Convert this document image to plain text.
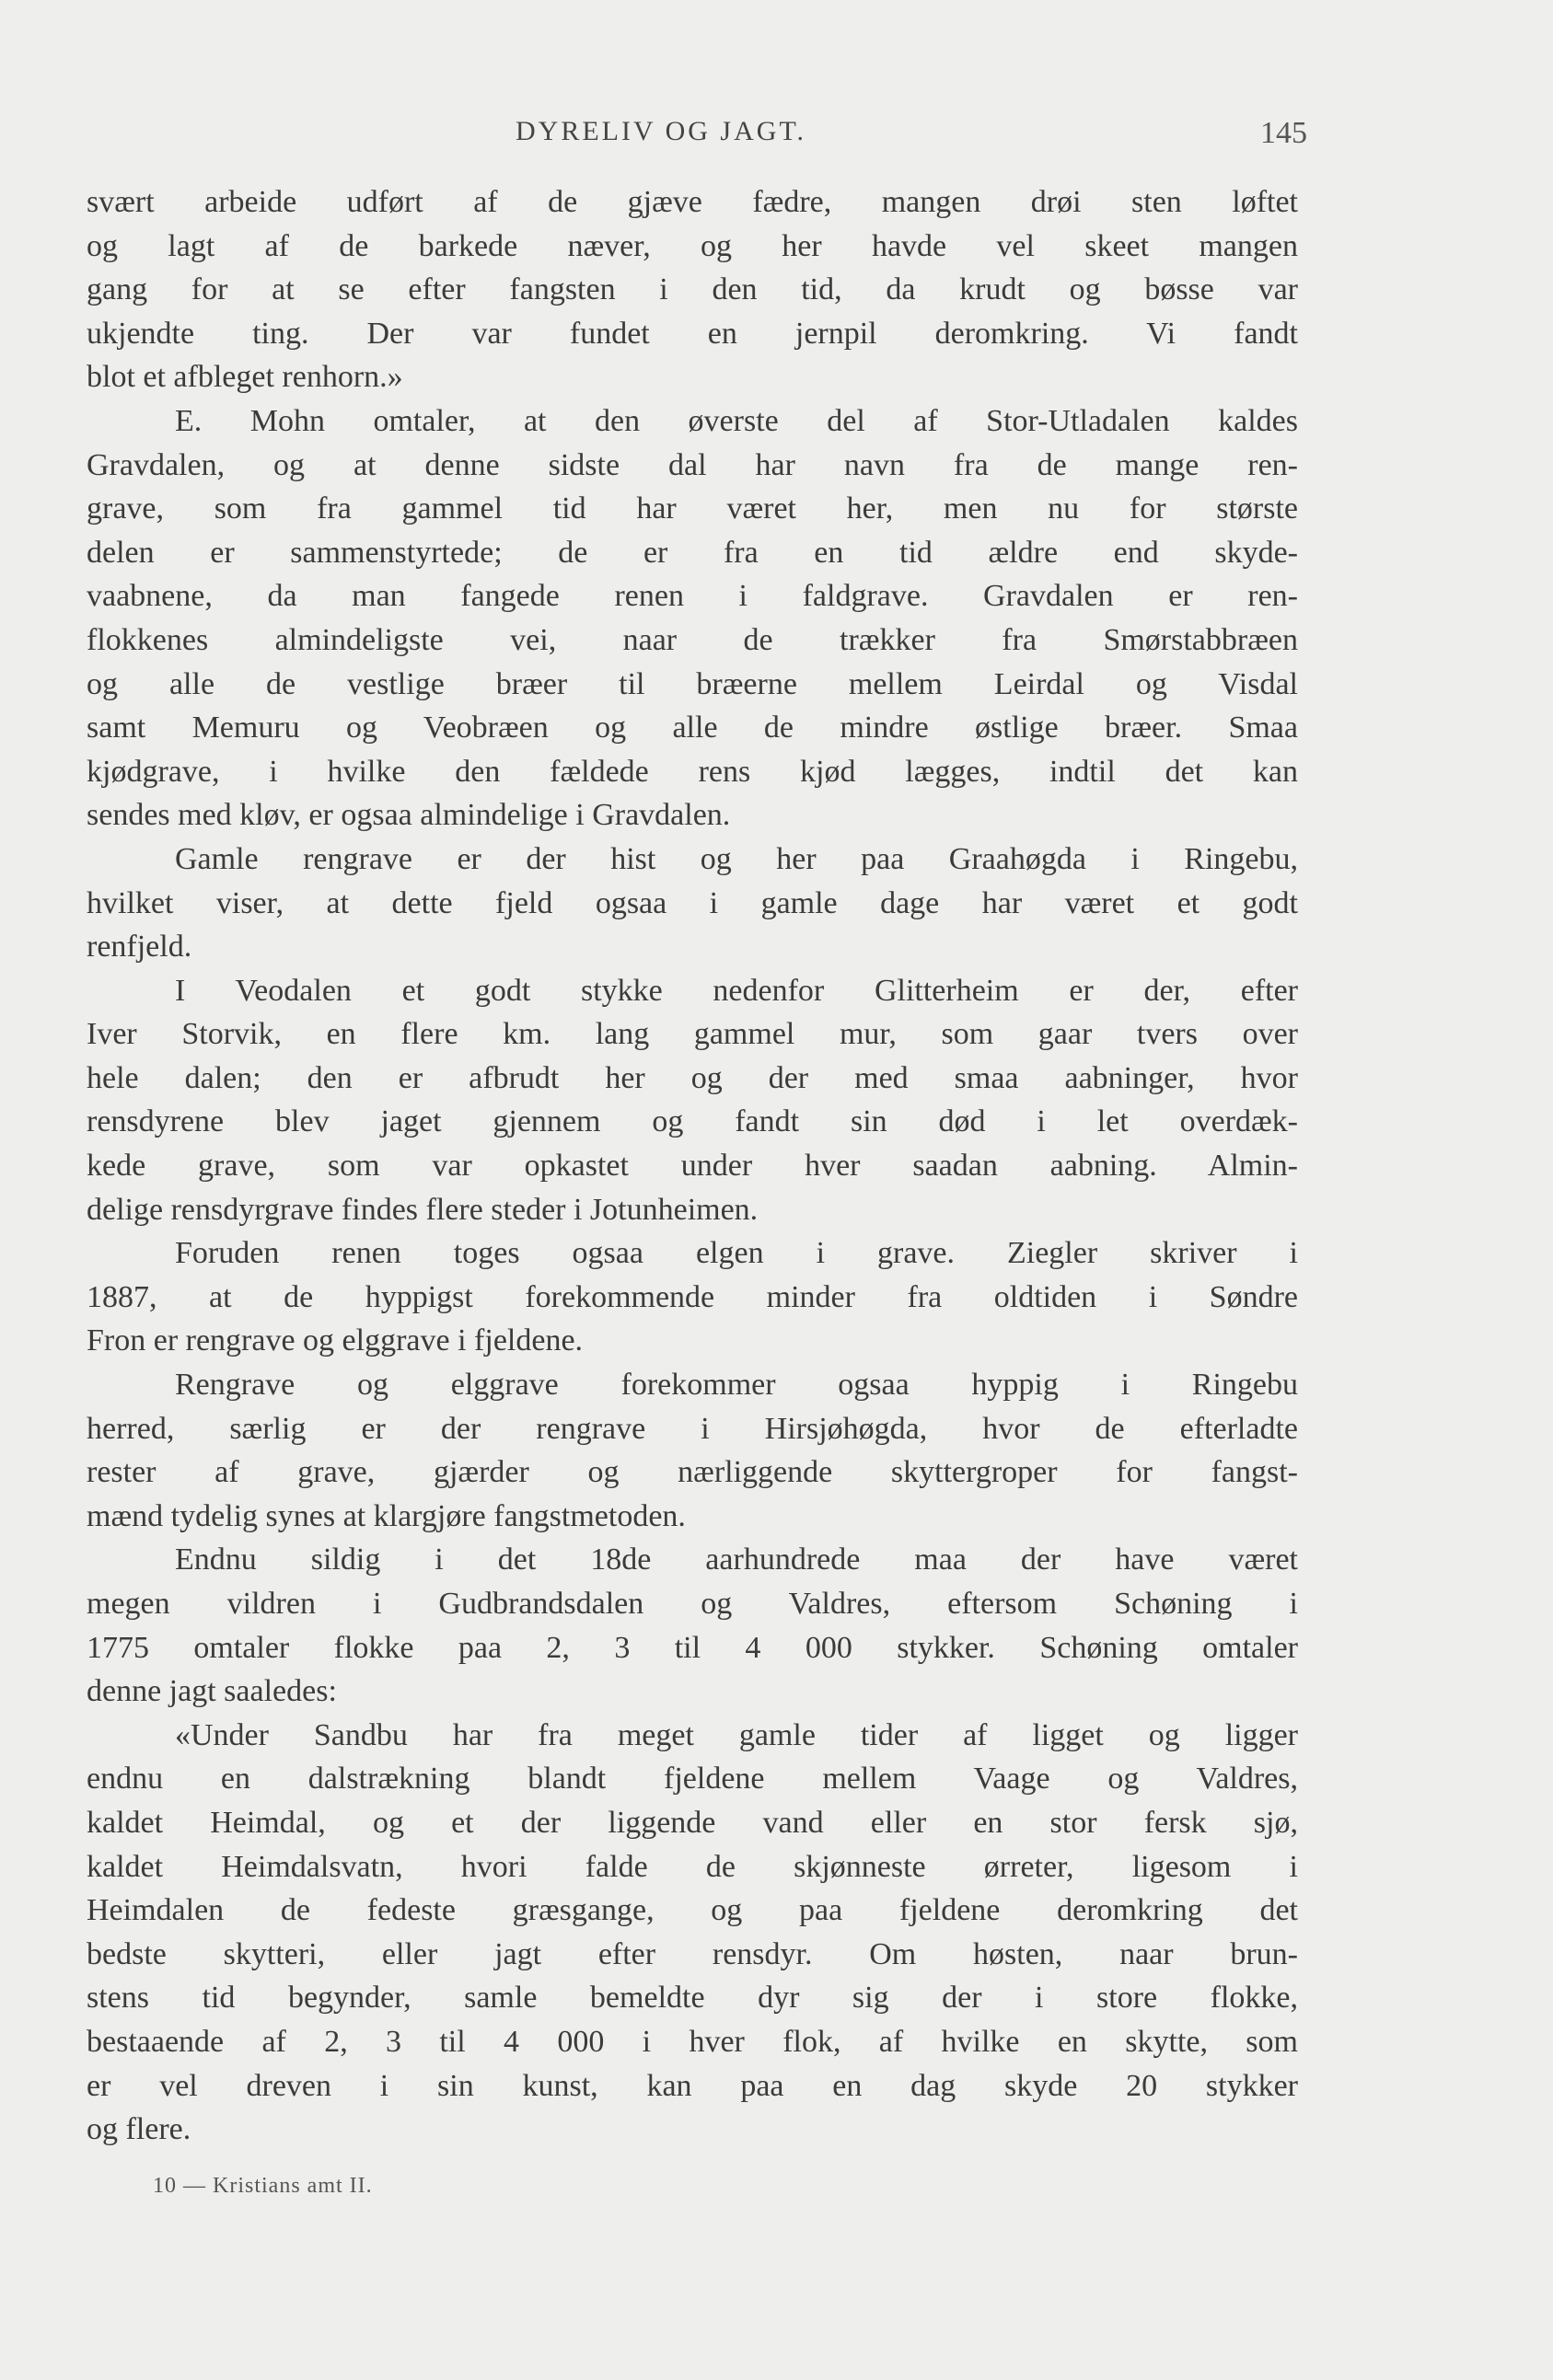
DYRELIV OG JAGT.	145
svært arbeide udført af de gjæve fædre, mangen drøi sten løftet
og lagt af de barkede næver, og her havde vel skeet mangen
gang for at se efter fangsten i den tid, da krudt og bøsse var
ukjendte ting. Der var fundet en jernpil deromkring. Vi fandt
blot et afbleget renhorn.»
E. Mohn omtaler, at den øverste del af Stor-Utladalen kaldes
Gravdalen, og at denne sidste dal har navn fra de mange ren-
grave, som fra gammel tid har været her, men nu for største
delen er sammenstyrtede; de er fra en tid ældre end skyde-
vaabnene, da man fangede renen i faldgrave. Gravdalen er ren-
flokkenes almindeligste vei, naar de trækker fra Smørstabbræen
og alle de vestlige bræer til bræerne mellem Leirdal og Visdal
samt Memuru og Veobræen og alle de mindre østlige bræer. Smaa
kjødgrave, i hvilke den fældede rens kjød lægges, indtil det kan
sendes med kløv, er ogsaa almindelige i Gravdalen.
Gamle rengrave er der hist og her paa Graahøgda i Ringebu,
hvilket viser, at dette fjeld ogsaa i gamle dage har været et godt
renfjeld.
I Veodalen et godt stykke nedenfor Glitterheim er der, efter
Iver Storvik, en flere km. lang gammel mur, som gaar tvers over
hele dalen; den er afbrudt her og der med smaa aabninger, hvor
rensdyrene blev jaget gjennem og fandt sin død i let overdæk-
kede grave, som var opkastet under hver saadan aabning. Almin-
delige rensdyrgrave findes flere steder i Jotunheimen.
Foruden renen toges ogsaa elgen i grave. Ziegler skriver i
1887, at de hyppigst forekommende minder fra oldtiden i Søndre
Fron er rengrave og elggrave i fjeldene.
Rengrave og elggrave forekommer ogsaa hyppig i Ringebu
herred, særlig er der rengrave i Hirsjøhøgda, hvor de efterladte
rester af grave, gjærder og nærliggende skyttergroper for fangst-
mænd tydelig synes at klargjøre fangstmetoden.
Endnu sildig i det 18de aarhundrede maa der have været
megen vildren i Gudbrandsdalen og Valdres, eftersom Schøning i
1775 omtaler flokke paa 2, 3 til 4 000 stykker. Schøning omtaler
denne jagt saaledes:
«Under Sandbu har fra meget gamle tider af ligget og ligger
endnu en dalstrækning blandt fjeldene mellem Vaage og Valdres,
kaldet Heimdal, og et der liggende vand eller en stor fersk sjø,
kaldet Heimdalsvatn, hvori falde de skjønneste ørreter, ligesom i
Heimdalen de fedeste græsgange, og paa fjeldene deromkring det
bedste skytteri, eller jagt efter rensdyr. Om høsten, naar brun-
stens tid begynder, samle bemeldte dyr sig der i store flokke,
bestaaende af 2, 3 til 4 000 i hver flok, af hvilke en skytte, som
er vel dreven i sin kunst, kan paa en dag skyde 20 stykker
og flere.
10 — Kristians amt II.
